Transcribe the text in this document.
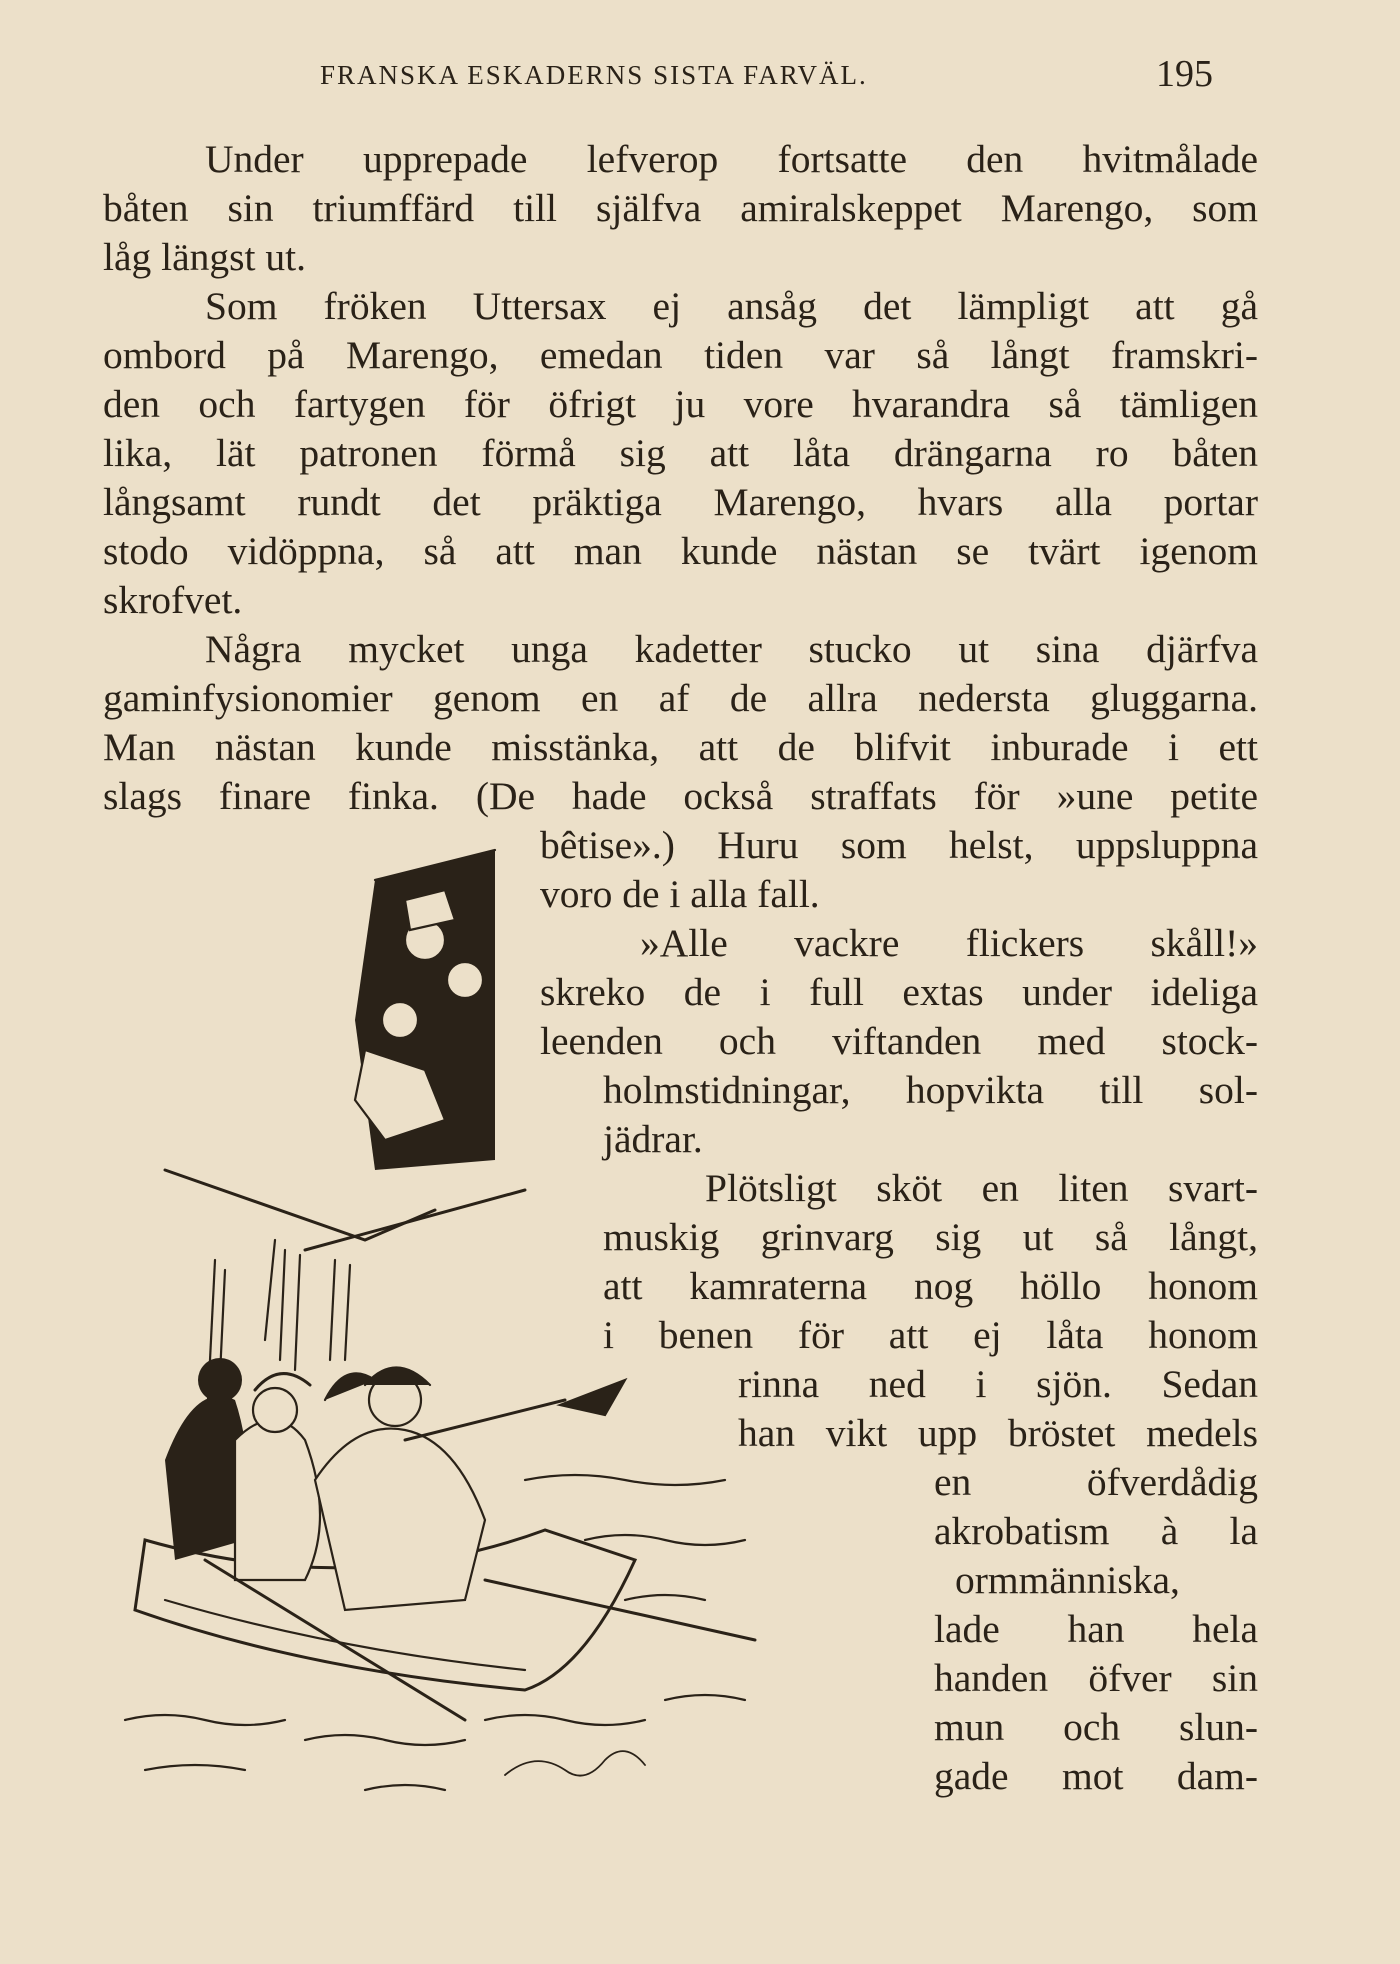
FRANSKA ESKADERNS SISTA FARVÄL.	195
Under upprepade lefverop fortsatte den hvitmålade
båten sin triumffärd till själfva amiralskeppet Marengo, som
låg längst ut.
Som fröken Uttersax ej ansåg det lämpligt att gå
ombord på Marengo, emedan tiden var så långt framskri-
den och fartygen för öfrigt ju vore hvarandra så tämligen
lika, lät patronen förmå sig att låta drängarna ro båten
långsamt rundt det präktiga Marengo, hvars alla portar
stodo vidöppna, så att man kunde nästan se tvärt igenom
skrofvet.
Några mycket unga kadetter stucko ut sina djärfva
gaminfysionomier genom en af de allra nedersta gluggarna.
Man nästan kunde misstänka, att de blifvit inburade i ett
slags finare finka. (De hade också straffats för »une petite
bêtise».) Huru som helst, uppsluppna
voro de i alla fall.
»Alle vackre flickers skåll!»
skreko de i full extas under ideliga
leenden och viftanden med stock-
holmstidningar, hopvikta till sol-
jädrar.
Plötsligt sköt en liten svart-
muskig grinvarg sig ut så långt,
att kamraterna nog höllo honom
i benen för att ej låta honom
rinna ned i sjön. Sedan
han vikt upp bröstet medels
en öfverdådig
akrobatism à la
ormmänniska,
lade han hela
handen öfver sin
mun och slun-
gade mot dam-
